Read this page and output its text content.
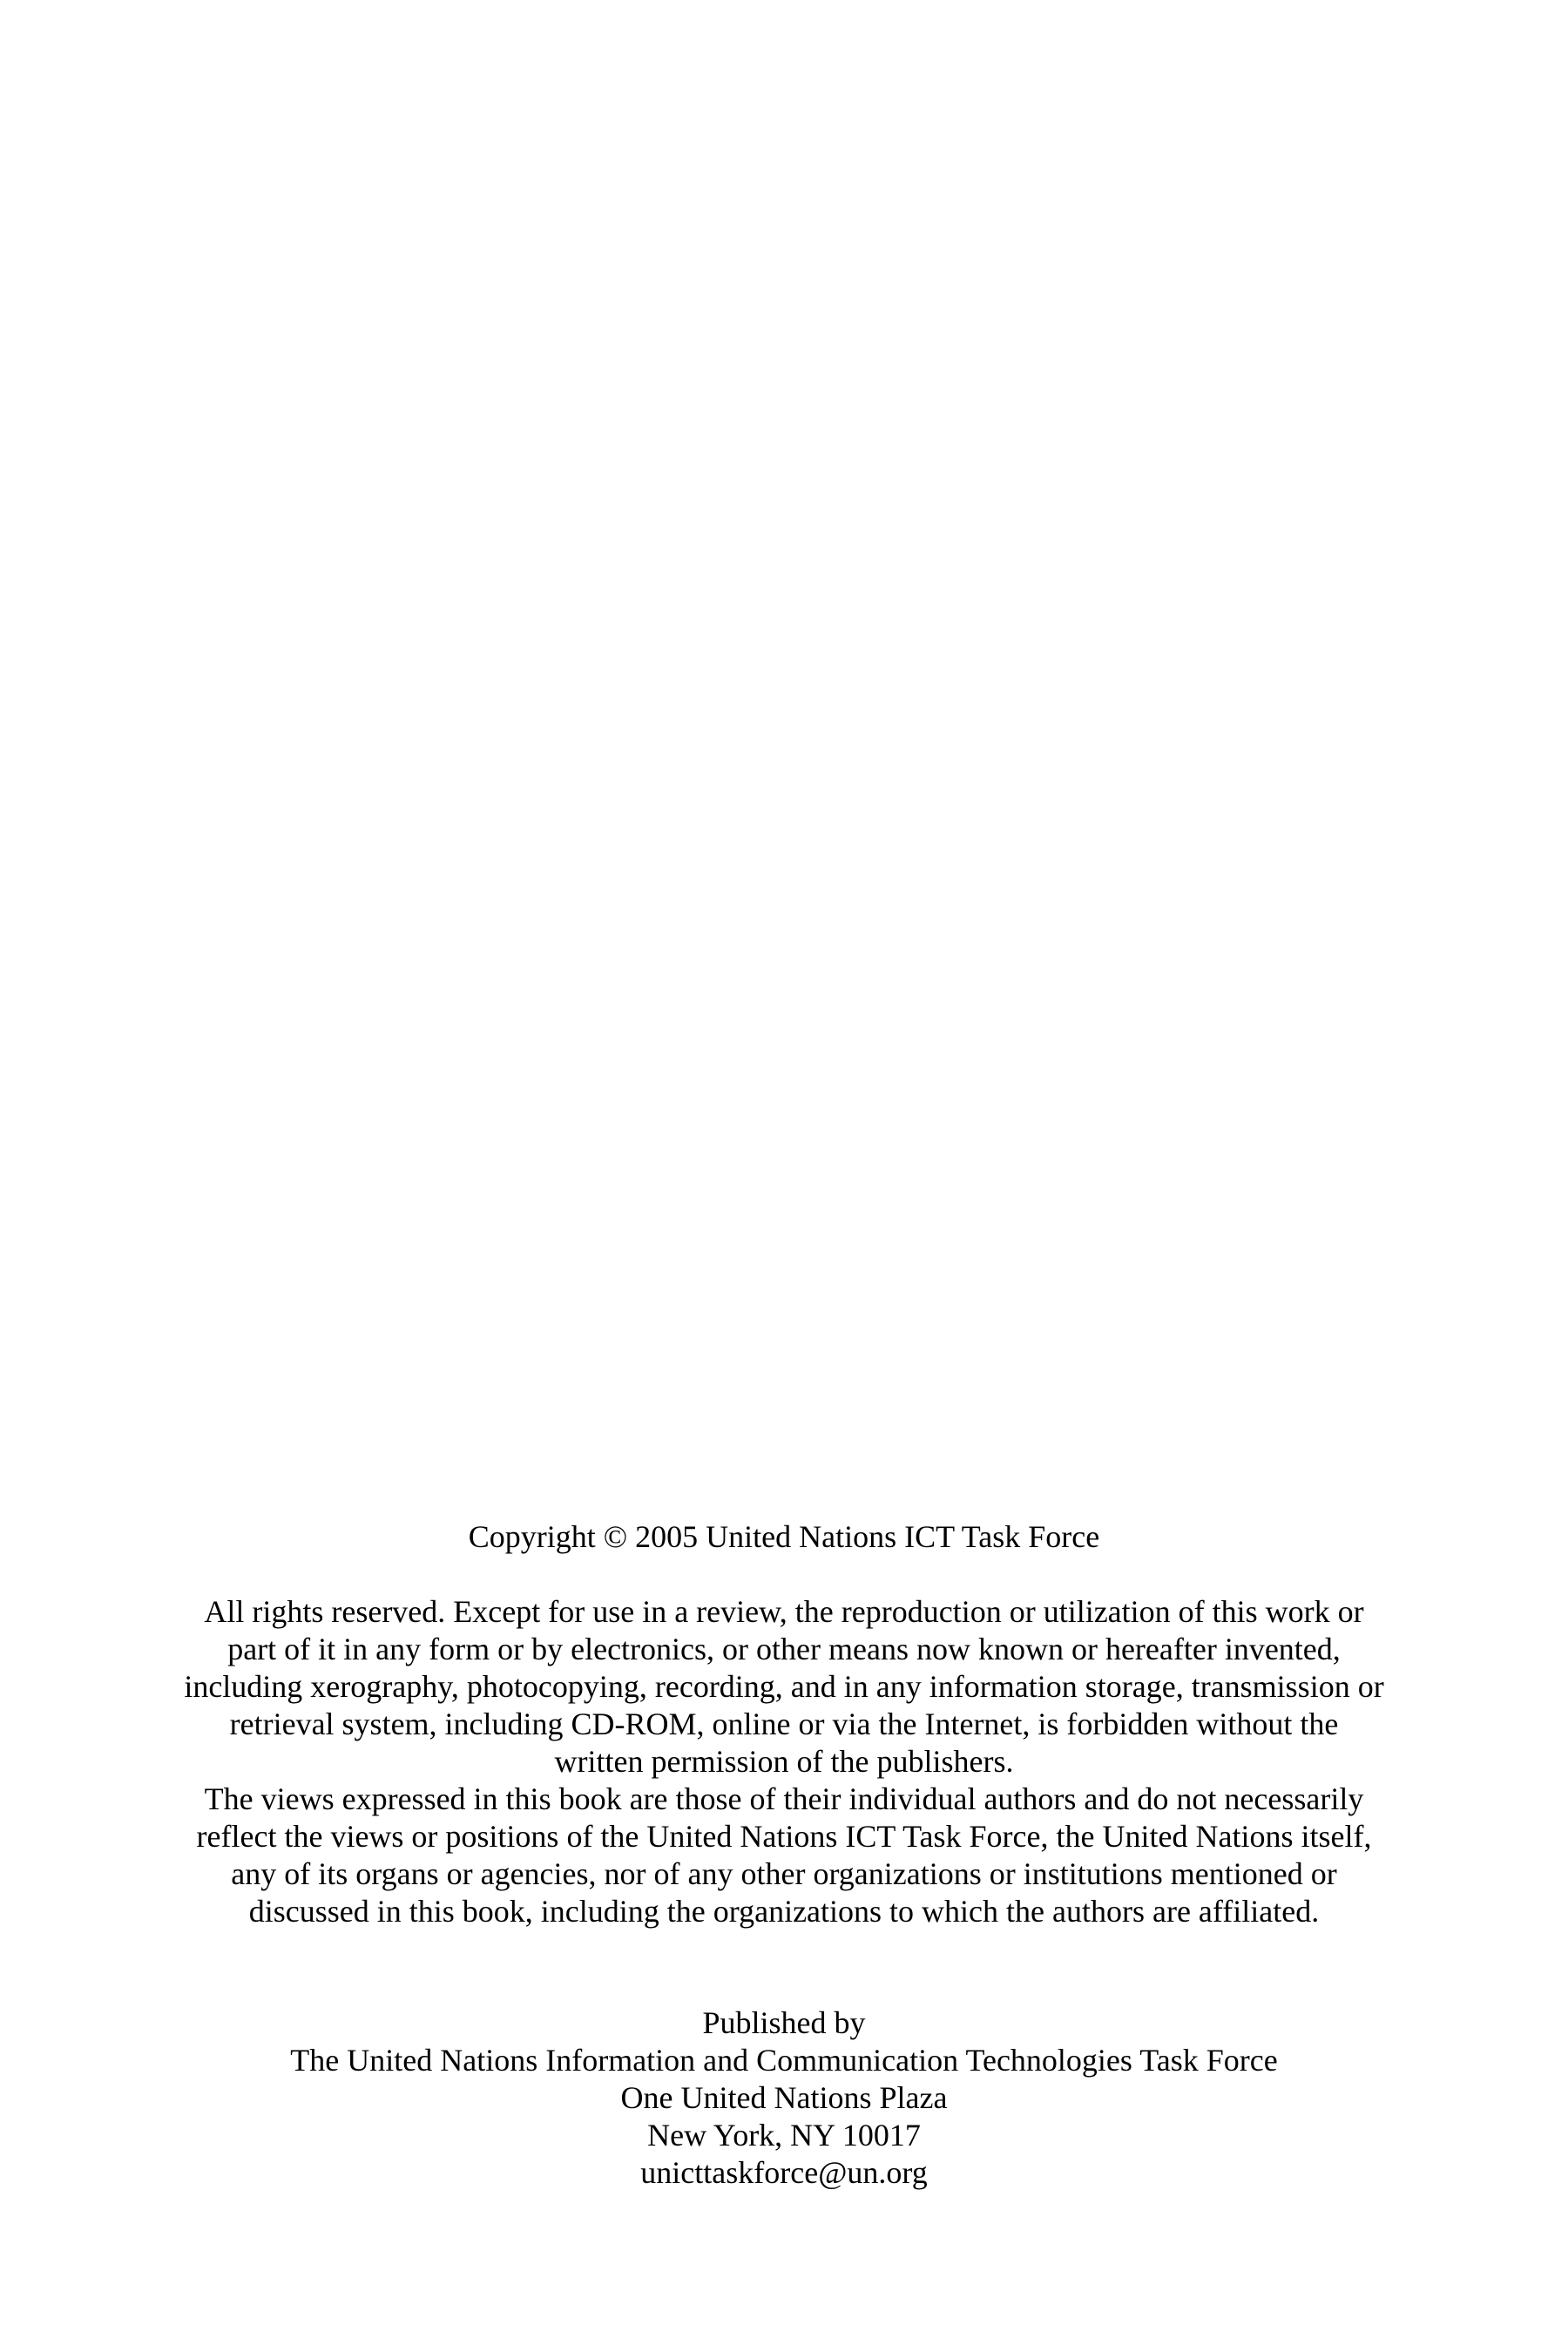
Copyright © 2005 United Nations ICT Task Force
All rights reserved. Except for use in a review, the reproduction or utilization of this work or
part of it in any form or by electronics, or other means now known or hereafter invented,
including xerography, photocopying, recording, and in any information storage, transmission or
retrieval system, including CD-ROM, online or via the Internet, is forbidden without the
written permission of the publishers.
The views expressed in this book are those of their individual authors and do not necessarily
reflect the views or positions of the United Nations ICT Task Force, the United Nations itself,
any of its organs or agencies, nor of any other organizations or institutions mentioned or
discussed in this book, including the organizations to which the authors are affiliated.
Published by
The United Nations Information and Communication Technologies Task Force
One United Nations Plaza
New York, NY 10017
unicttaskforce@un.org
